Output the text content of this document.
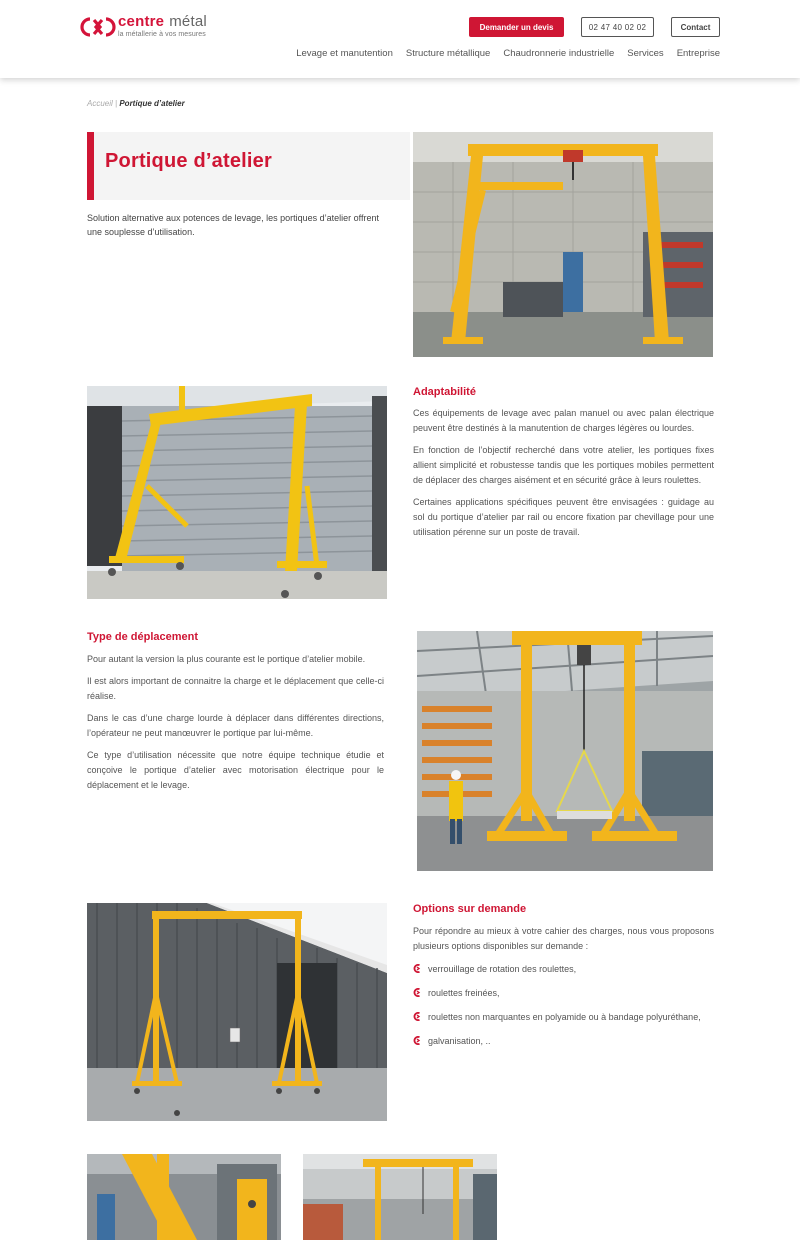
centre métal
la métallerie à vos mesures
Demander un devis	02 47 40 02 02	Contact
Levage et manutention Structure métallique Chaudronnerie industrielle Services Entreprise
Accueil | Portique d’atelier
Portique d’atelier
Solution alternative aux potences de levage, les portiques d’atelier offrent une souplesse d’utilisation.
Adaptabilité

Ces équipements de levage avec palan manuel ou avec palan électrique peuvent être destinés à la manutention de charges légères ou lourdes.

En fonction de l’objectif recherché dans votre atelier, les portiques fixes allient simplicité et robustesse tandis que les portiques mobiles permettent de déplacer des charges aisément et en sécurité grâce à leurs roulettes.

Certaines applications spécifiques peuvent être envisagées : guidage au sol du portique d’atelier par rail ou encore fixation par chevillage pour une utilisation pérenne sur un poste de travail.

Type de déplacement

Pour autant la version la plus courante est le portique d’atelier mobile.

Il est alors important de connaitre la charge et le déplacement que celle-ci réalise.

Dans le cas d’une charge lourde à déplacer dans différentes directions, l’opérateur ne peut manœuvrer le portique par lui-même.

Ce type d’utilisation nécessite que notre équipe technique étudie et conçoive le portique d’atelier avec motorisation électrique pour le déplacement et le levage.

Options sur demande
Pour répondre au mieux à votre cahier des charges, nous vous proposons plusieurs options disponibles sur demande :
verrouillage de rotation des roulettes,
roulettes freinées,
roulettes non marquantes en polyamide ou à bandage polyuréthane,
galvanisation, ..
